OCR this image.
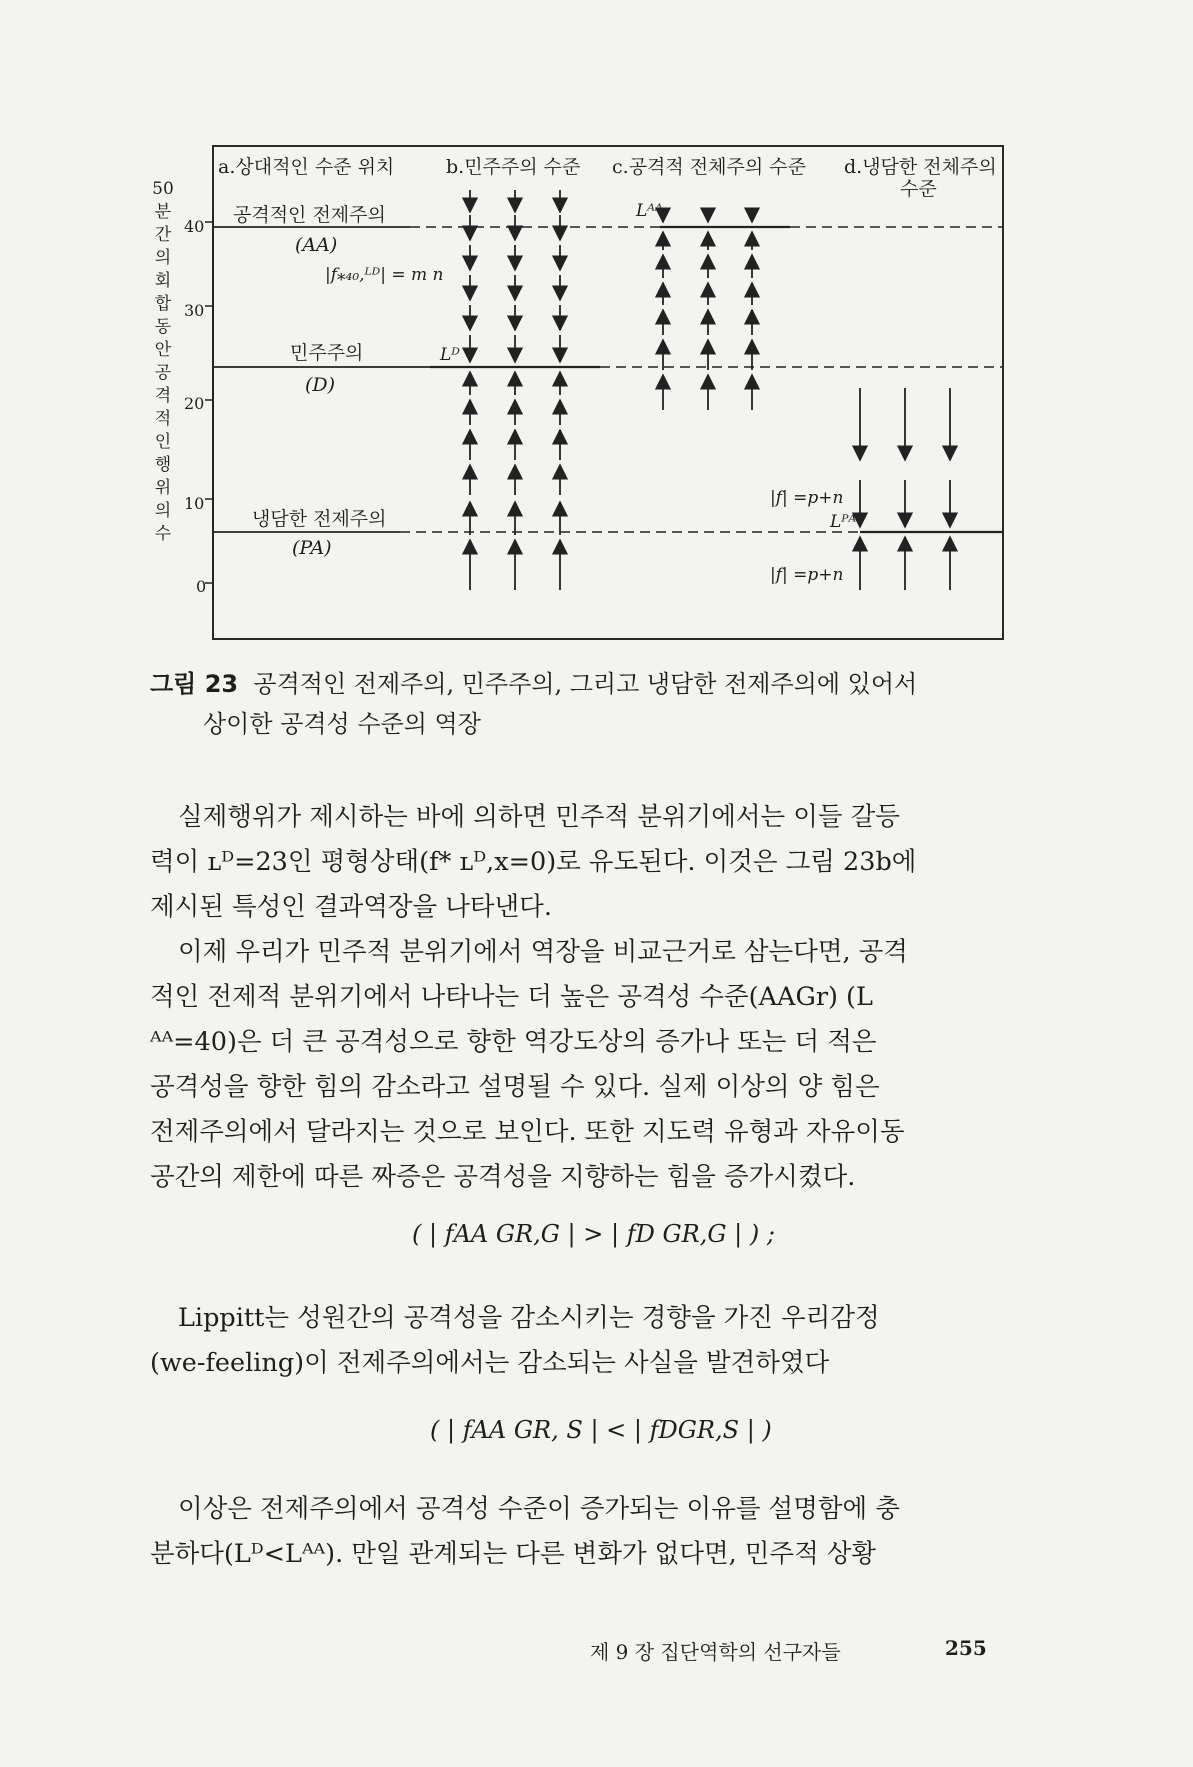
a.상대적인 수준 위치	b.민주주의 수준 c.공격적 전체주의 수준 d.냉담한 전체주의
수준
50분간의회합동안공격적인행위의수
40
30
20
10
0
공격적인 전제주의
(AA)
민주주의
(D)
냉담한 전제주의
(PA)
|f⁎₄₀,ᴸᴰ| = m n
Lᴬᴬ
Lᴰ
Lᴾᴬ
|f| =p+n
|f| =p+n
그림 23 공격적인 전제주의, 민주주의, 그리고 냉담한 전제주의에 있어서
상이한 공격성 수준의 역장
실제행위가 제시하는 바에 의하면 민주적 분위기에서는 이들 갈등
력이 ʟᴰ=23인 평형상태(f* ʟᴰ,x=0)로 유도된다. 이것은 그림 23b에
제시된 특성인 결과역장을 나타낸다.
이제 우리가 민주적 분위기에서 역장을 비교근거로 삼는다면, 공격
적인 전제적 분위기에서 나타나는 더 높은 공격성 수준(AAGr) (L
ᴬᴬ=40)은 더 큰 공격성으로 향한 역강도상의 증가나 또는 더 적은
공격성을 향한 힘의 감소라고 설명될 수 있다. 실제 이상의 양 힘은
전제주의에서 달라지는 것으로 보인다. 또한 지도력 유형과 자유이동
공간의 제한에 따른 짜증은 공격성을 지향하는 힘을 증가시켰다.
( | fAA GR,G | > | fD GR,G | ) ;
Lippitt는 성원간의 공격성을 감소시키는 경향을 가진 우리감정
(we-feeling)이 전제주의에서는 감소되는 사실을 발견하였다
( | fAA GR, S | < | fDGR,S | )
이상은 전제주의에서 공격성 수준이 증가되는 이유를 설명함에 충
분하다(Lᴰ<Lᴬᴬ). 만일 관계되는 다른 변화가 없다면, 민주적 상황
제 9 장 집단역학의 선구자들	255
